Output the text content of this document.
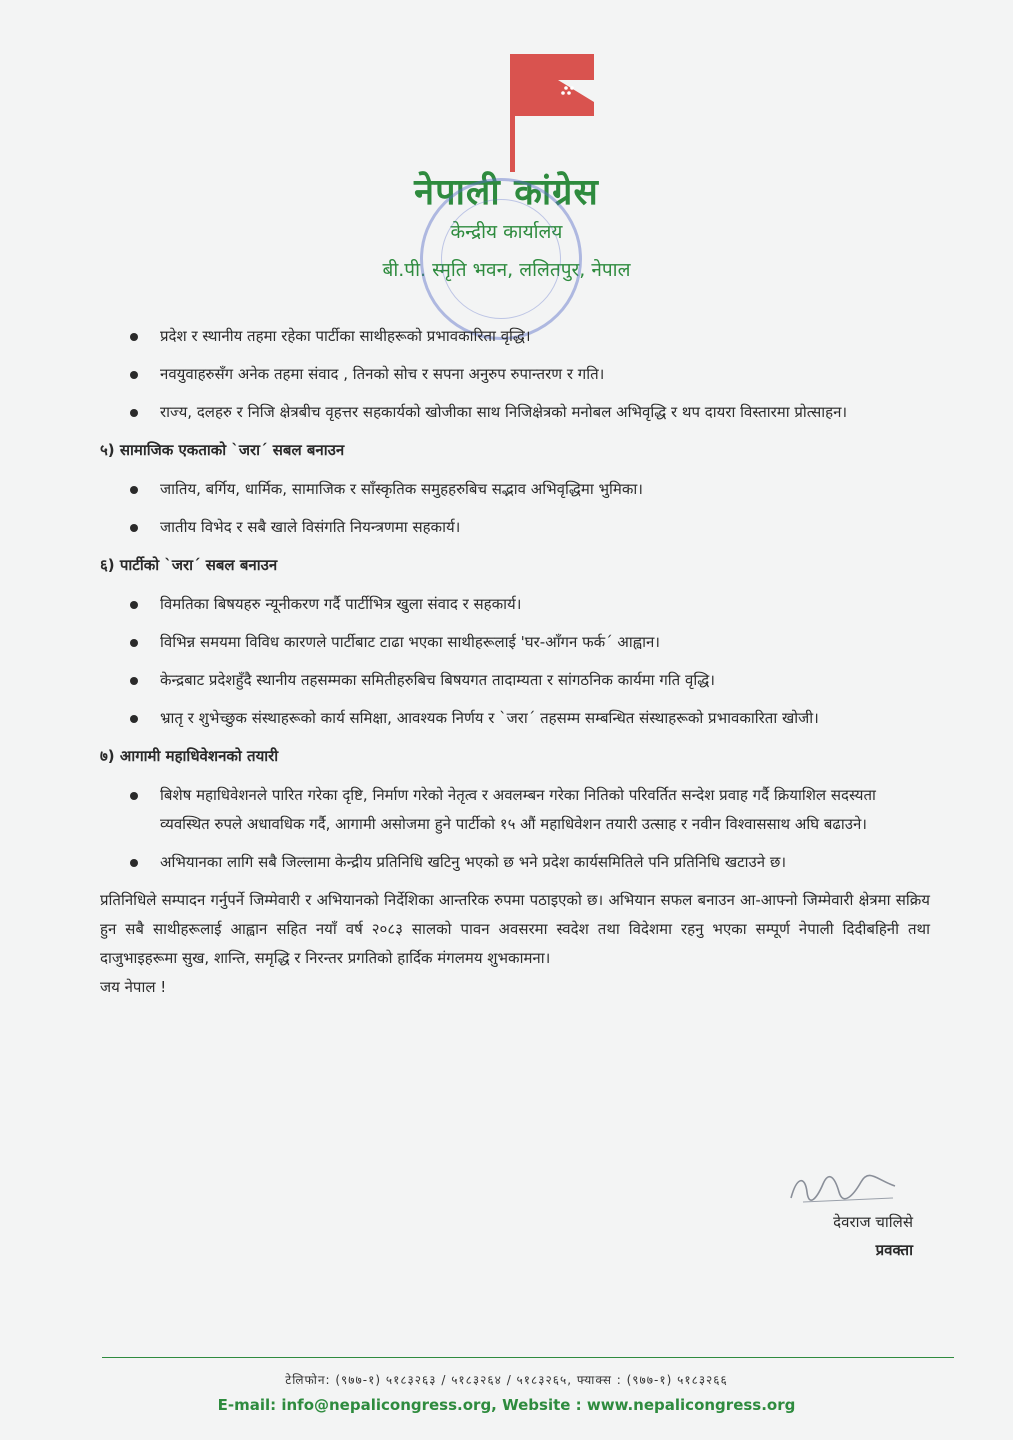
नेपाली कांग्रेस
केन्द्रीय कार्यालय
बी.पी. स्मृति भवन, ललितपुर, नेपाल
प्रदेश र स्थानीय तहमा रहेका पार्टीका साथीहरूको प्रभावकारिता वृद्धि।
नवयुवाहरुसँग अनेक तहमा संवाद , तिनको सोच र सपना अनुरुप रुपान्तरण र गति।
राज्य, दलहरु र निजि क्षेत्रबीच वृहत्तर सहकार्यको खोजीका साथ निजिक्षेत्रको मनोबल अभिवृद्धि र थप दायरा विस्तारमा प्रोत्साहन।
५) सामाजिक एकताको `जरा´ सबल बनाउन
जातिय, बर्गिय, धार्मिक, सामाजिक र साँस्कृतिक समुहहरुबिच सद्भाव अभिवृद्धिमा भुमिका।
जातीय विभेद र सबै खाले विसंगति नियन्त्रणमा सहकार्य।
६) पार्टीको `जरा´ सबल बनाउन
विमतिका बिषयहरु न्यूनीकरण गर्दै पार्टीभित्र खुला संवाद र सहकार्य।
विभिन्न समयमा विविध कारणले पार्टीबाट टाढा भएका साथीहरूलाई 'घर-आँगन फर्क´ आह्वान।
केन्द्रबाट प्रदेशहुँदै स्थानीय तहसम्मका समितीहरुबिच बिषयगत तादाम्यता र सांगठनिक कार्यमा गति वृद्धि।
भ्रातृ र शुभेच्छुक संस्थाहरूको कार्य समिक्षा, आवश्यक निर्णय र `जरा´ तहसम्म सम्बन्धित संस्थाहरूको प्रभावकारिता खोजी।
७) आगामी महाधिवेशनको तयारी
बिशेष महाधिवेशनले पारित गरेका दृष्टि, निर्माण गरेको नेतृत्व र अवलम्बन गरेका नितिको परिवर्तित सन्देश प्रवाह गर्दै क्रियाशिल सदस्यता व्यवस्थित रुपले अधावधिक गर्दै, आगामी असोजमा हुने पार्टीको १५ औं महाधिवेशन तयारी उत्साह र नवीन विश्वाससाथ अघि बढाउने।
अभियानका लागि सबै जिल्लामा केन्द्रीय प्रतिनिधि खटिनु भएको छ भने प्रदेश कार्यसमितिले पनि प्रतिनिधि खटाउने छ।

प्रतिनिधिले सम्पादन गर्नुपर्ने जिम्मेवारी र अभियानको निर्देशिका आन्तरिक रुपमा पठाइएको छ। अभियान सफल बनाउन आ-आफ्नो जिम्मेवारी क्षेत्रमा सक्रिय हुन सबै साथीहरूलाई आह्वान सहित नयाँ वर्ष २०८३ सालको पावन अवसरमा स्वदेश तथा विदेशमा रहनु भएका सम्पूर्ण नेपाली दिदीबहिनी तथा दाजुभाइहरूमा सुख, शान्ति, समृद्धि र निरन्तर प्रगतिको हार्दिक मंगलमय शुभकामना।

जय नेपाल !

देवराज चालिसे
प्रवक्ता
टेलिफोन: (९७७-१) ५१८३२६३ / ५१८३२६४ / ५१८३२६५, फ्याक्स : (९७७-१) ५१८३२६६
E-mail: info@nepalicongress.org, Website : www.nepalicongress.org
